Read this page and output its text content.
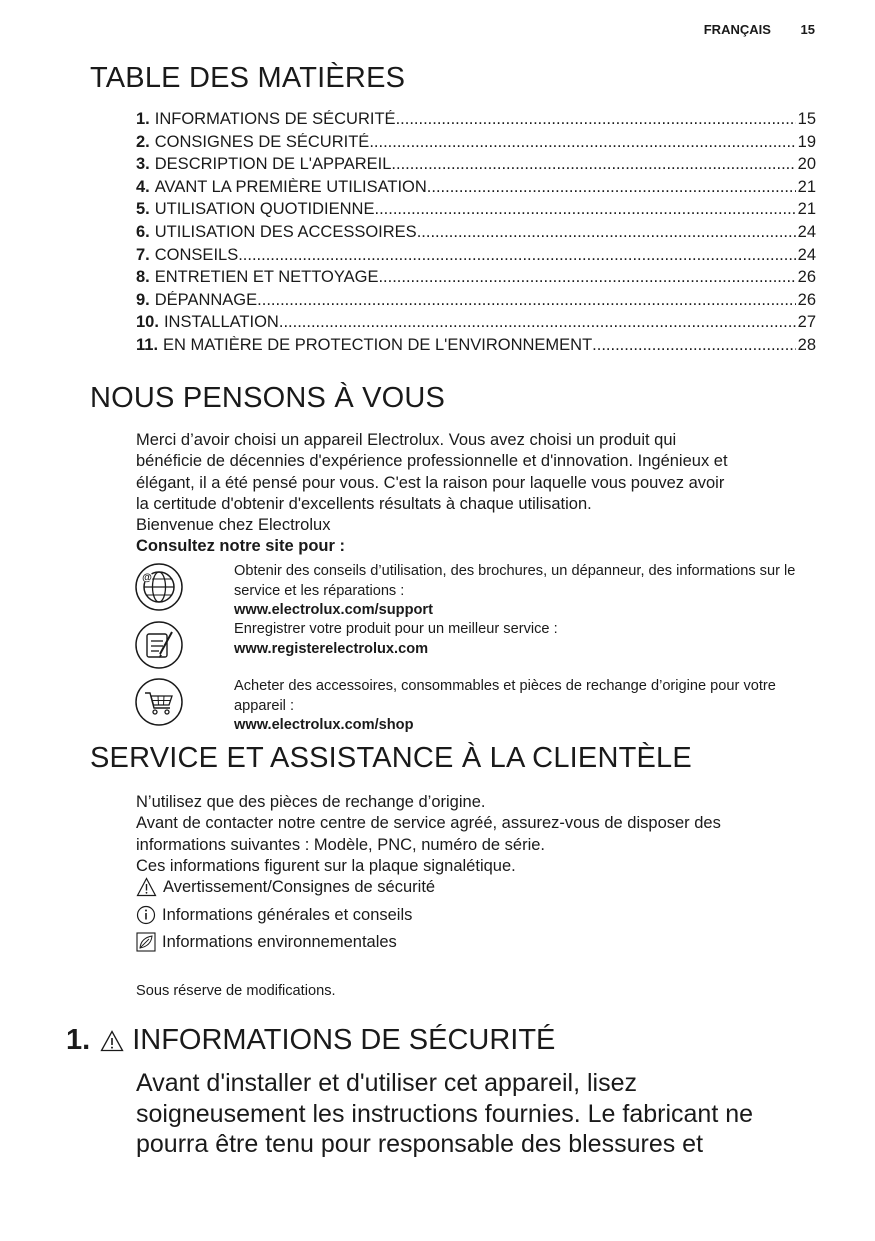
FRANÇAIS 15
TABLE DES MATIÈRES
1. INFORMATIONS DE SÉCURITÉ .....	15
2. CONSIGNES DE SÉCURITÉ .....	19
3. DESCRIPTION DE L'APPAREIL .....	20
4. AVANT LA PREMIÈRE UTILISATION .....	21
5. UTILISATION QUOTIDIENNE .....	21
6. UTILISATION DES ACCESSOIRES .....	24
7. CONSEILS .....	24
8. ENTRETIEN ET NETTOYAGE .....	26
9. DÉPANNAGE .....	26
10. INSTALLATION .....	27
11. EN MATIÈRE DE PROTECTION DE L'ENVIRONNEMENT .....	28
NOUS PENSONS À VOUS

Merci d’avoir choisi un appareil Electrolux. Vous avez choisi un produit qui

bénéficie de décennies d'expérience professionnelle et d'innovation. Ingénieux et

élégant, il a été pensé pour vous. C'est la raison pour laquelle vous pouvez avoir

la certitude d'obtenir d'excellents résultats à chaque utilisation.

Bienvenue chez Electrolux

Consultez notre site pour :

@	Obtenir des conseils d’utilisation, des brochures, un dépanneur, des informations sur le service et les réparations :
www.electrolux.com/support
Enregistrer votre produit pour un meilleur service :
www.registerelectrolux.com
Acheter des accessoires, consommables et pièces de rechange d’origine pour votre appareil :
www.electrolux.com/shop
SERVICE ET ASSISTANCE À LA CLIENTÈLE

N’utilisez que des pièces de rechange d’origine.

Avant de contacter notre centre de service agréé, assurez-vous de disposer des

informations suivantes : Modèle, PNC, numéro de série.

Ces informations figurent sur la plaque signalétique.

Avertissement/Consignes de sécurité
Informations générales et conseils
Informations environnementales
Sous réserve de modifications.
1. INFORMATIONS DE SÉCURITÉ
Avant d'installer et d'utiliser cet appareil, lisez
soigneusement les instructions fournies. Le fabricant ne
pourra être tenu pour responsable des blessures et
